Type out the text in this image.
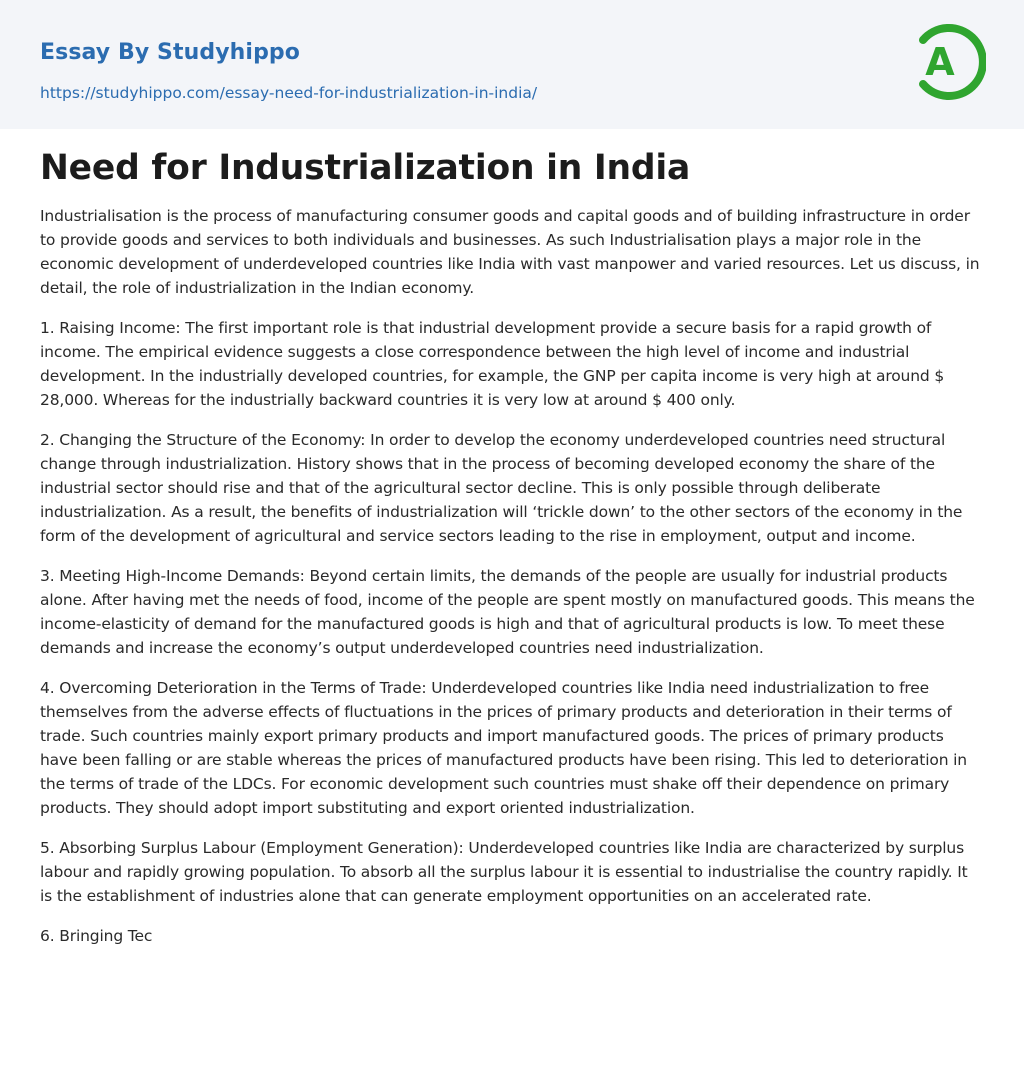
Essay By Studyhippo
https://studyhippo.com/essay-need-for-industrialization-in-india/
A
Need for Industrialization in India

Industrialisation is the process of manufacturing consumer goods and capital goods and of building infrastructure in order to provide goods and services to both individuals and businesses. As such Industrialisation plays a major role in the economic development of underdeveloped countries like India with vast manpower and varied resources. Let us discuss, in detail, the role of industrialization in the Indian economy.

1. Raising Income: The first important role is that industrial development provide a secure basis for a rapid growth of income. The empirical evidence suggests a close correspondence between the high level of income and industrial development. In the industrially developed countries, for example, the GNP per capita income is very high at around $ 28,000. Whereas for the industrially backward countries it is very low at around $ 400 only.

2. Changing the Structure of the Economy: In order to develop the economy underdeveloped countries need structural change through industrialization. History shows that in the process of becoming developed economy the share of the industrial sector should rise and that of the agricultural sector decline. This is only possible through deliberate industrialization. As a result, the benefits of industrialization will ‘trickle down’ to the other sectors of the economy in the form of the development of agricultural and service sectors leading to the rise in employment, output and income.

3. Meeting High-Income Demands: Beyond certain limits, the demands of the people are usually for industrial products alone. After having met the needs of food, income of the people are spent mostly on manufactured goods. This means the income-elasticity of demand for the manufactured goods is high and that of agricultural products is low. To meet these demands and increase the economy’s output underdeveloped countries need industrialization.

4. Overcoming Deterioration in the Terms of Trade: Underdeveloped countries like India need industrialization to free themselves from the adverse effects of fluctuations in the prices of primary products and deterioration in their terms of trade. Such countries mainly export primary products and import manufactured goods. The prices of primary products have been falling or are stable whereas the prices of manufactured products have been rising. This led to deterioration in the terms of trade of the LDCs. For economic development such countries must shake off their dependence on primary products. They should adopt import substituting and export oriented industrialization.

5. Absorbing Surplus Labour (Employment Generation): Underdeveloped countries like India are characterized by surplus labour and rapidly growing population. To absorb all the surplus labour it is essential to industrialise the country rapidly. It is the establishment of industries alone that can generate employment opportunities on an accelerated rate.

6. Bringing Tec
